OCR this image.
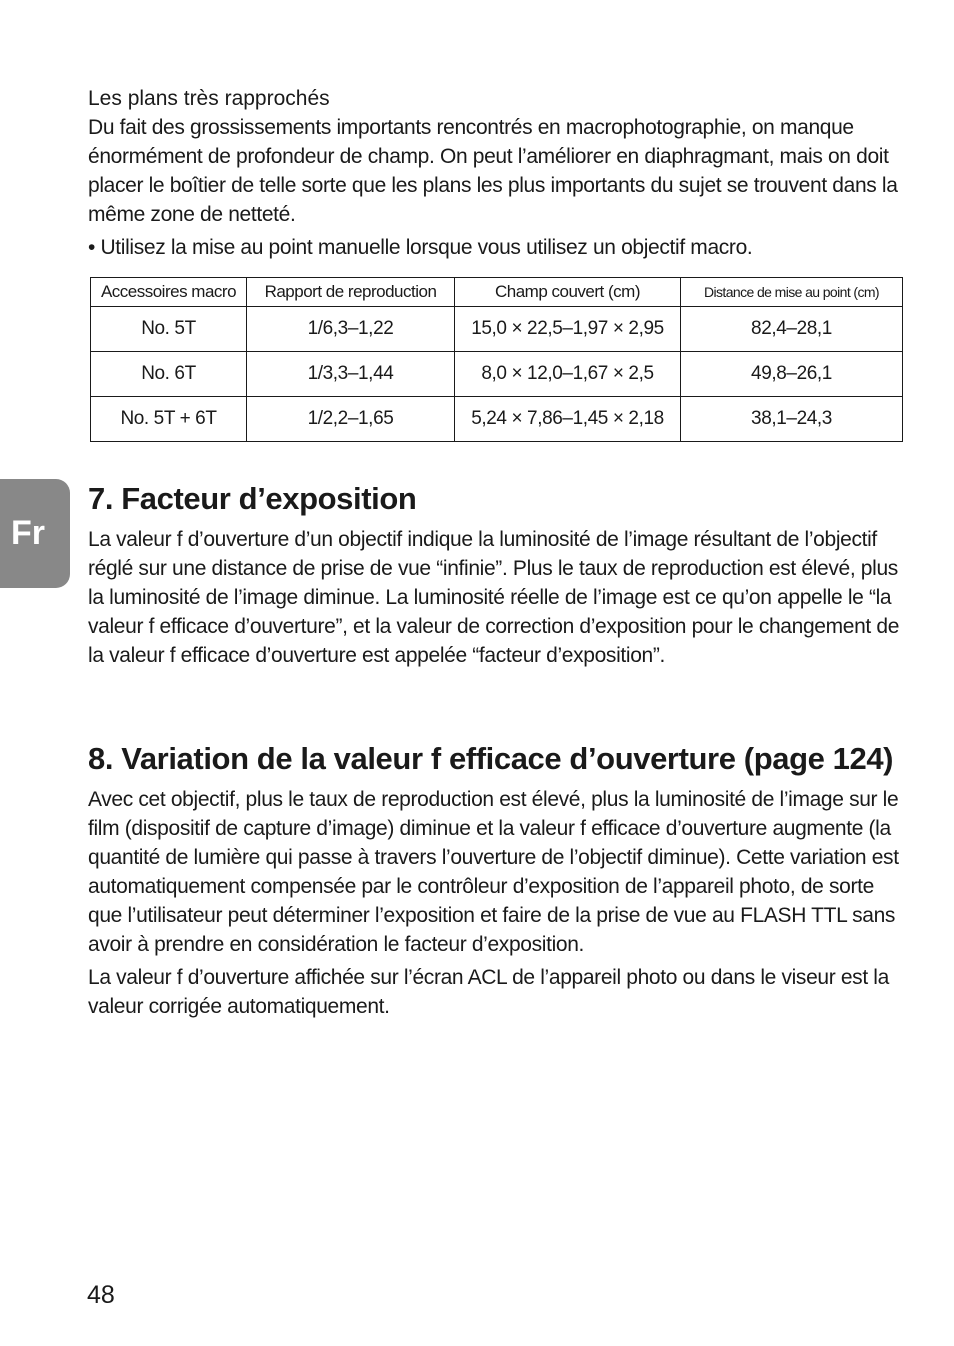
Les plans très rapprochés

Du fait des grossissements importants rencontrés en macrophotographie, on manque énormément de profondeur de champ. On peut l’améliorer en diaphragmant, mais on doit placer le boîtier de telle sorte que les plans les plus importants du sujet se trouvent dans la même zone de netteté.

• Utilisez la mise au point manuelle lorsque vous utilisez un objectif macro.

Accessoires macro	Rapport de reproduction	Champ couvert (cm)	Distance de mise au point (cm)
No. 5T	1/6,3–1,22	15,0 × 22,5–1,97 × 2,95	82,4–28,1
No. 6T	1/3,3–1,44	8,0 × 12,0–1,67 × 2,5	49,8–26,1
No. 5T + 6T	1/2,2–1,65	5,24 × 7,86–1,45 × 2,18	38,1–24,3
Fr
7. Facteur d’exposition

La valeur f d’ouverture d’un objectif indique la luminosité de l’image résultant de l’objectif réglé sur une distance de prise de vue “infinie”. Plus le taux de reproduction est élevé, plus la luminosité de l’image diminue. La luminosité réelle de l’image est ce qu’on appelle le “la valeur f efficace d’ouverture”, et la valeur de correction d’exposition pour le changement de la valeur f efficace d’ouverture est appelée “facteur d’exposition”.

8. Variation de la valeur f efficace d’ouverture (page 124)

Avec cet objectif, plus le taux de reproduction est élevé, plus la luminosité de l’image sur le film (dispositif de capture d’image) diminue et la valeur f efficace d’ouverture augmente (la quantité de lumière qui passe à travers l’ouverture de l’objectif diminue). Cette variation est automatiquement compensée par le contrôleur d’exposition de l’appareil photo, de sorte que l’utilisateur peut déterminer l’exposition et faire de la prise de vue au FLASH TTL sans avoir à prendre en considération le facteur d’exposition.

La valeur f d’ouverture affichée sur l’écran ACL de l’appareil photo ou dans le viseur est la valeur corrigée automatiquement.

48
